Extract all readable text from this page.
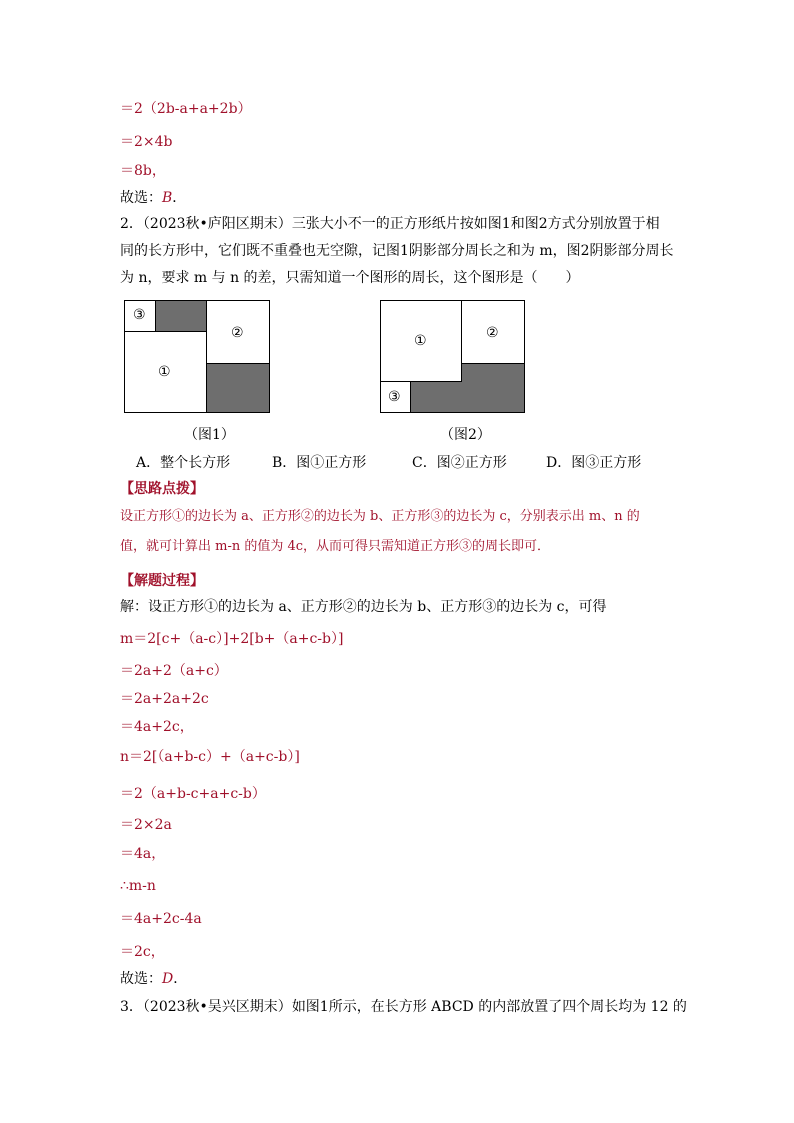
＝2（2b-a+a+2b）
＝2×4b
＝8b，
故选：B．
2．（2023秋•庐阳区期末）三张大小不一的正方形纸片按如图1和图2方式分别放置于相
同的长方形中，它们既不重叠也无空隙，记图1阴影部分周长之和为 m，图2阴影部分周长
为 n，要求 m 与 n 的差，只需知道一个图形的周长，这个图形是（　　）
③
①
②
（图1）
①	②
③
（图2）
A．整个长方形	B．图①正方形	C．图②正方形	D．图③正方形
【思路点拨】
设正方形①的边长为 a、正方形②的边长为 b、正方形③的边长为 c，分别表示出 m、n 的
值，就可计算出 m-n 的值为 4c，从而可得只需知道正方形③的周长即可．
【解题过程】
解：设正方形①的边长为 a、正方形②的边长为 b、正方形③的边长为 c，可得
m＝2[c+（a-c）]+2[b+（a+c-b）]
＝2a+2（a+c）
＝2a+2a+2c
＝4a+2c，
n＝2[（a+b-c）+（a+c-b）]
＝2（a+b-c+a+c-b）
＝2×2a
＝4a，
∴m-n
＝4a+2c-4a
＝2c，
故选：D．
3．（2023秋•吴兴区期末）如图1所示，在长方形 ABCD 的内部放置了四个周长均为 12 的
